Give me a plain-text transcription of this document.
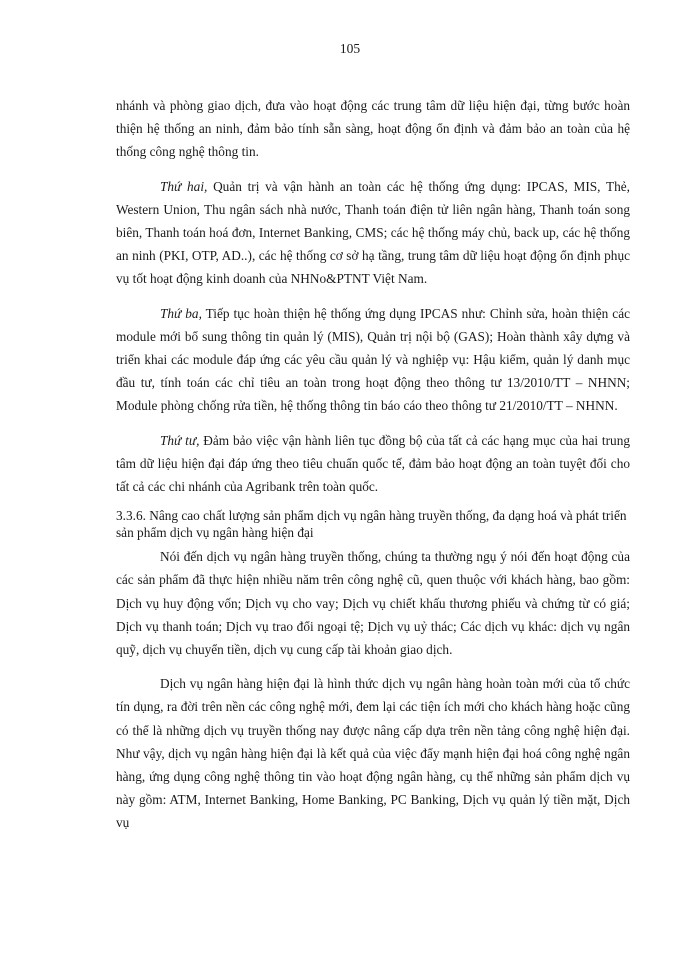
105

nhánh và phòng giao dịch, đưa vào hoạt động các trung tâm dữ liệu hiện đại, từng bước hoàn thiện hệ thống an ninh, đảm bảo tính sẵn sàng, hoạt động ổn định và đảm bảo an toàn của hệ thống công nghệ thông tin.

Thứ hai, Quản trị và vận hành an toàn các hệ thống ứng dụng: IPCAS, MIS, Thẻ, Western Union, Thu ngân sách nhà nước, Thanh toán điện tử liên ngân hàng, Thanh toán song biên, Thanh toán hoá đơn, Internet Banking, CMS; các hệ thống máy chủ, back up, các hệ thống an ninh (PKI, OTP, AD..), các hệ thống cơ sở hạ tầng, trung tâm dữ liệu hoạt động ổn định phục vụ tốt hoạt động kinh doanh của NHNo&PTNT Việt Nam.

Thứ ba, Tiếp tục hoàn thiện hệ thống ứng dụng IPCAS như: Chỉnh sửa, hoàn thiện các module mới bổ sung thông tin quản lý (MIS), Quản trị nội bộ (GAS); Hoàn thành xây dựng và triển khai các module đáp ứng các yêu cầu quản lý và nghiệp vụ: Hậu kiểm, quản lý danh mục đầu tư, tính toán các chỉ tiêu an toàn trong hoạt động theo thông tư 13/2010/TT – NHNN; Module phòng chống rửa tiền, hệ thống thông tin báo cáo theo thông tư 21/2010/TT – NHNN.

Thứ tư, Đảm bảo việc vận hành liên tục đồng bộ của tất cả các hạng mục của hai trung tâm dữ liệu hiện đại đáp ứng theo tiêu chuẩn quốc tế, đảm bảo hoạt động an toàn tuyệt đối cho tất cả các chi nhánh của Agribank trên toàn quốc.

3.3.6. Nâng cao chất lượng sản phẩm dịch vụ ngân hàng truyền thống, đa dạng hoá và phát triển sản phẩm dịch vụ ngân hàng hiện đại

Nói đến dịch vụ ngân hàng truyền thống, chúng ta thường ngụ ý nói đến hoạt động của các sản phẩm đã thực hiện nhiều năm trên công nghệ cũ, quen thuộc với khách hàng, bao gồm: Dịch vụ huy động vốn; Dịch vụ cho vay; Dịch vụ chiết khấu thương phiếu và chứng từ có giá; Dịch vụ thanh toán; Dịch vụ trao đổi ngoại tệ; Dịch vụ uỷ thác; Các dịch vụ khác: dịch vụ ngân quỹ, dịch vụ chuyển tiền, dịch vụ cung cấp tài khoản giao dịch.

Dịch vụ ngân hàng hiện đại là hình thức dịch vụ ngân hàng hoàn toàn mới của tổ chức tín dụng, ra đời trên nền các công nghệ mới, đem lại các tiện ích mới cho khách hàng hoặc cũng có thể là những dịch vụ truyền thống nay được nâng cấp dựa trên nền tảng công nghệ hiện đại. Như vậy, dịch vụ ngân hàng hiện đại là kết quả của việc đẩy mạnh hiện đại hoá công nghệ ngân hàng, ứng dụng công nghệ thông tin vào hoạt động ngân hàng, cụ thể những sản phẩm dịch vụ này gồm: ATM, Internet Banking, Home Banking, PC Banking, Dịch vụ quản lý tiền mặt, Dịch vụ
